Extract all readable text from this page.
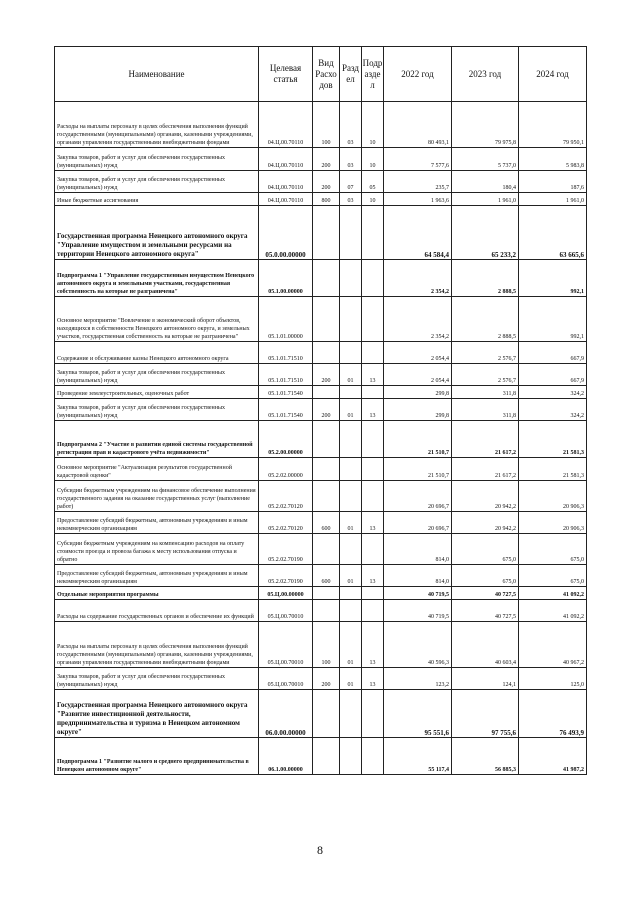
Наименование	Целевая статья	Вид Расхо дов	Разд ел	Подр азде л	2022 год	2023 год	2024 год
Расходы на выплаты персоналу в целях обеспечения выполнения функций государственными (муниципальными) органами, казенными учреждениями, органами управления государственными внебюджетными фондами	04.Ц.00.70110	100	03	10	80 493,1	79 975,8	79 950,1
Закупка товаров, работ и услуг для обеспечения государственных (муниципальных) нужд	04.Ц.00.70110	200	03	10	7 577,6	5 737,0	5 983,8
Закупка товаров, работ и услуг для обеспечения государственных (муниципальных) нужд	04.Ц.00.70110	200	07	05	235,7	180,4	187,6
Иные бюджетные ассигнования	04.Ц.00.70110	800	03	10	1 963,6	1 961,0	1 961,0
Государственная программа Ненецкого автономного округа "Управление имуществом и земельными ресурсами на территории Ненецкого автономного округа"	05.0.00.00000				64 584,4	65 233,2	63 665,6
Подпрограмма 1 "Управление государственным имуществом Ненецкого автономного округа и земельными участками, государственная собственность на которые не разграничена"	05.1.00.00000				2 354,2	2 888,5	992,1
Основное мероприятие "Вовлечение в экономический оборот объектов, находящихся в собственности Ненецкого автономного округа, и земельных участков, государственная собственность на которые не разграничена"	05.1.01.00000				2 354,2	2 888,5	992,1
Содержание и обслуживание казны Ненецкого автономного округа	05.1.01.71510				2 054,4	2 576,7	667,9
Закупка товаров, работ и услуг для обеспечения государственных (муниципальных) нужд	05.1.01.71510	200	01	13	2 054,4	2 576,7	667,9
Проведение землеустроительных, оценочных работ	05.1.01.71540				299,8	311,8	324,2
Закупка товаров, работ и услуг для обеспечения государственных (муниципальных) нужд	05.1.01.71540	200	01	13	299,8	311,8	324,2
Подпрограмма 2 "Участие в развитии единой системы государственной регистрации прав и кадастрового учёта недвижимости"	05.2.00.00000				21 510,7	21 617,2	21 581,3
Основное мероприятие "Актуализация результатов государственной кадастровой оценки"	05.2.02.00000				21 510,7	21 617,2	21 581,3
Субсидии бюджетным учреждениям на финансовое обеспечение выполнения государственного задания на оказание государственных услуг (выполнение работ)	05.2.02.70120				20 696,7	20 942,2	20 906,3
Предоставление субсидий бюджетным, автономным учреждениям и иным некоммерческим организациям	05.2.02.70120	600	01	13	20 696,7	20 942,2	20 906,3
Субсидии бюджетным учреждениям на компенсацию расходов на оплату стоимости проезда и провоза багажа к месту использования отпуска и обратно	05.2.02.70190				814,0	675,0	675,0
Предоставление субсидий бюджетным, автономным учреждениям и иным некоммерческим организациям	05.2.02.70190	600	01	13	814,0	675,0	675,0
Отдельные мероприятия программы	05.Ц.00.00000				40 719,5	40 727,5	41 092,2
Расходы на содержание государственных органов и обеспечение их функций	05.Ц.00.70010				40 719,5	40 727,5	41 092,2
Расходы на выплаты персоналу в целях обеспечения выполнения функций государственными (муниципальными) органами, казенными учреждениями, органами управления государственными внебюджетными фондами	05.Ц.00.70010	100	01	13	40 596,3	40 603,4	40 967,2
Закупка товаров, работ и услуг для обеспечения государственных (муниципальных) нужд	05.Ц.00.70010	200	01	13	123,2	124,1	125,0
Государственная программа Ненецкого автономного округа "Развитие инвестиционной деятельности, предпринимательства и туризма в Ненецком автономном округе"	06.0.00.00000				95 551,6	97 755,6	76 493,9
Подпрограмма 1 "Развитие малого и среднего предпринимательства в Ненецком автономном округе"	06.1.00.00000				55 117,4	56 885,3	41 987,2
8
